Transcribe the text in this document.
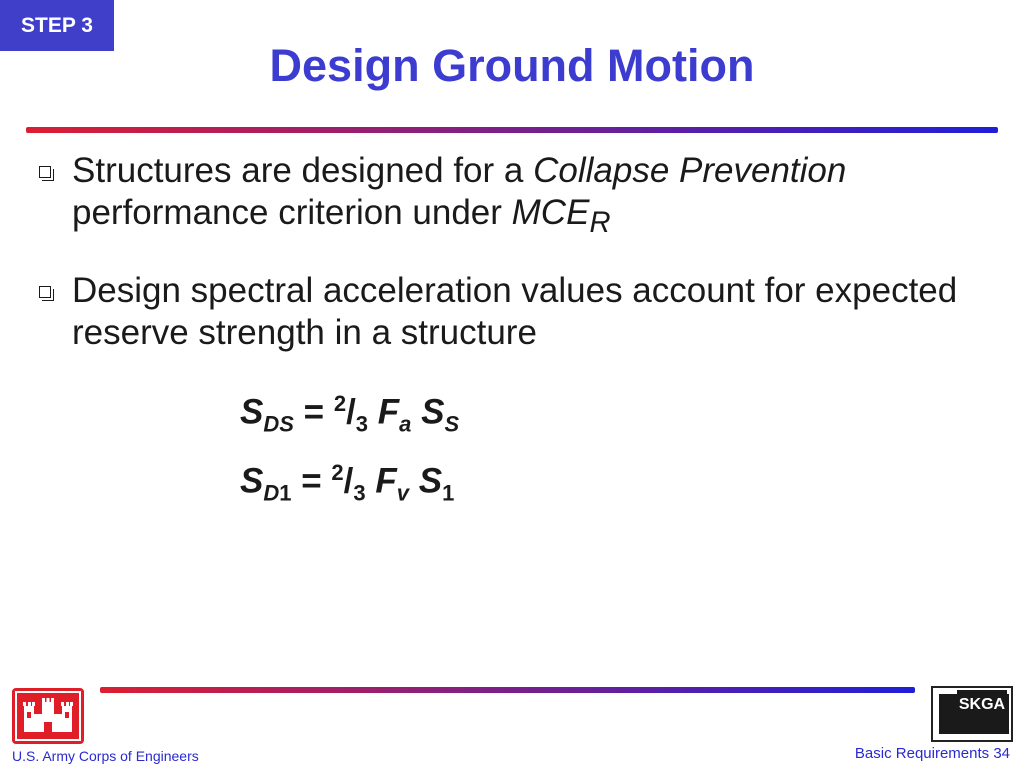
STEP 3
Design Ground Motion
Structures are designed for a Collapse Prevention performance criterion under $MCE_R$
Design spectral acceleration values account for expected reserve strength in a structure
$S_{DS} = ^2/_3$ $F_a$ $S_S$
$S_{D1} = ^2/_3$ $F_v$ $S_1$
SKGA
U.S. Army Corps of Engineers	Basic Requirements 34
